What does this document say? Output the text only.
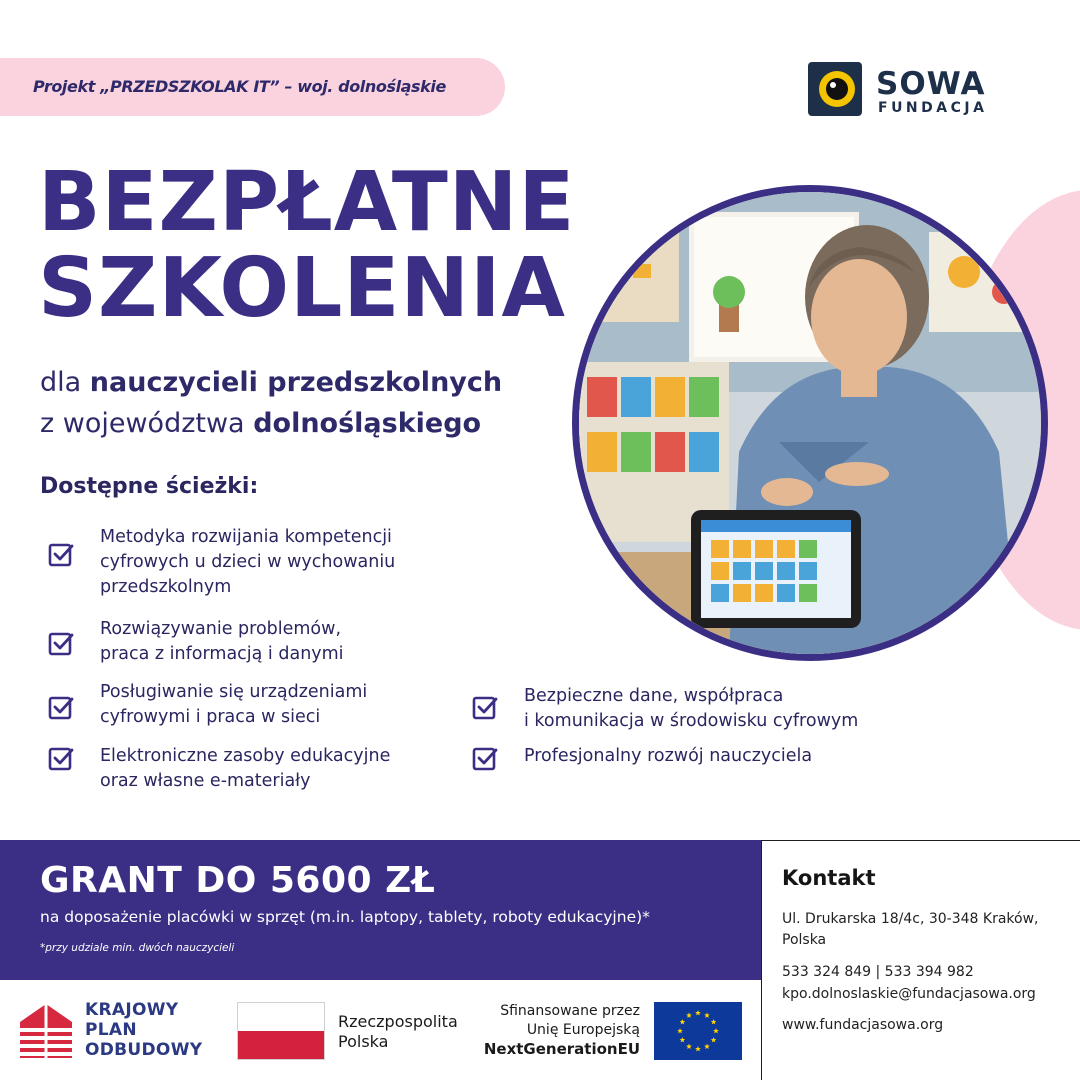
Projekt „PRZEDSZKOLAK IT” – woj. dolnośląskie	SOWA
FUNDACJA
BEZPŁATNE
SZKOLENIA
dla nauczycieli przedszkolnych
z województwa dolnośląskiego
Dostępne ścieżki:
Metodyka rozwijania kompetencji
cyfrowych u dzieci w wychowaniu
przedszkolnym
Rozwiązywanie problemów,
praca z informacją i danymi
Posługiwanie się urządzeniami
cyfrowymi i praca w sieci
Elektroniczne zasoby edukacyjne
oraz własne e-materiały
Bezpieczne dane, współpraca
i komunikacja w środowisku cyfrowym
Profesjonalny rozwój nauczyciela
GRANT DO 5600 ZŁ
na doposażenie placówki w sprzęt (m.in. laptopy, tablety, roboty edukacyjne)*
*przy udziale min. dwóch nauczycieli
Kontakt
Ul. Drukarska 18/4c, 30-348 Kraków,
Polska
533 324 849 | 533 394 982
kpo.dolnoslaskie@fundacjasowa.org
www.fundacjasowa.org
KRAJOWY
PLAN
ODBUDOWY
Rzeczpospolita
Polska
Sfinansowane przez
Unię Europejską
NextGenerationEU
